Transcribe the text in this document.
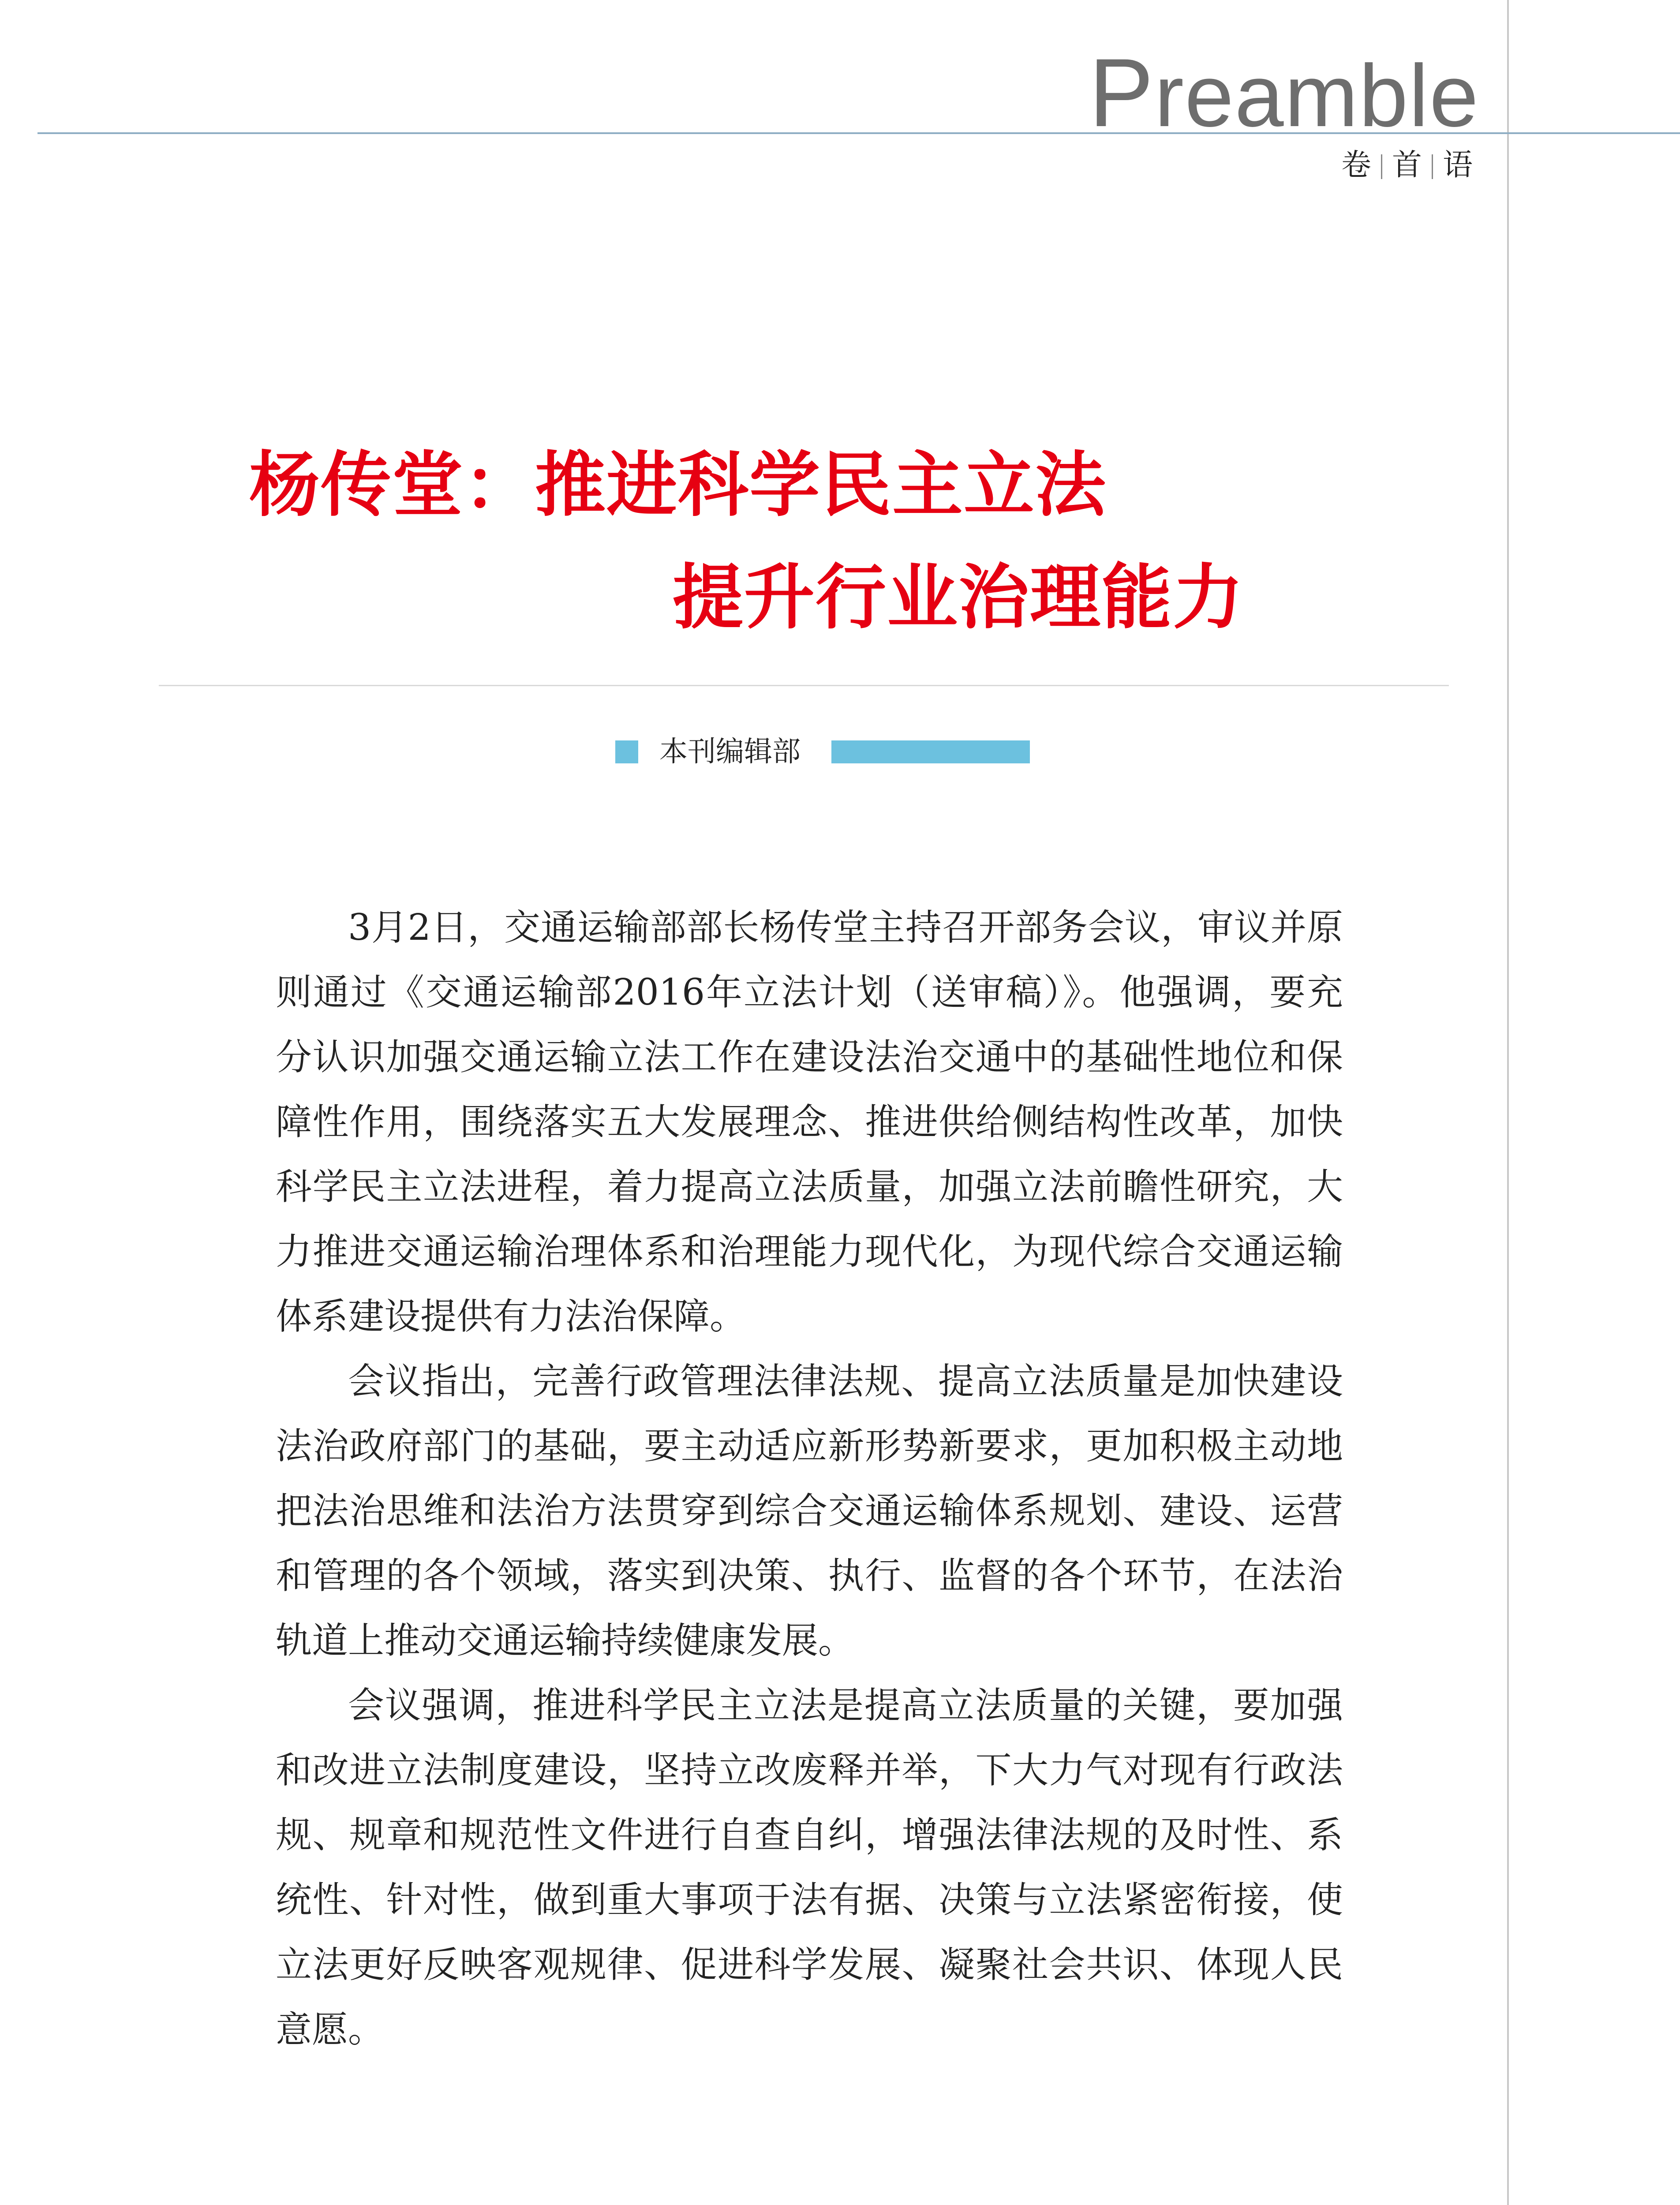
Preamble
卷 首 语
杨传堂：推进科学民主立法
提升行业治理能力
本刊编辑部

3月2日，交通运输部部长杨传堂主持召开部务会议，审议并原则通过《交通运输部2016年立法计划（送审稿）》。他强调，要充分认识加强交通运输立法工作在建设法治交通中的基础性地位和保障性作用，围绕落实五大发展理念、推进供给侧结构性改革，加快科学民主立法进程，着力提高立法质量，加强立法前瞻性研究，大力推进交通运输治理体系和治理能力现代化，为现代综合交通运输体系建设提供有力法治保障。

会议指出，完善行政管理法律法规、提高立法质量是加快建设法治政府部门的基础，要主动适应新形势新要求，更加积极主动地把法治思维和法治方法贯穿到综合交通运输体系规划、建设、运营和管理的各个领域，落实到决策、执行、监督的各个环节，在法治轨道上推动交通运输持续健康发展。

会议强调，推进科学民主立法是提高立法质量的关键，要加强和改进立法制度建设，坚持立改废释并举，下大力气对现有行政法规、规章和规范性文件进行自查自纠，增强法律法规的及时性、系统性、针对性，做到重大事项于法有据、决策与立法紧密衔接，使立法更好反映客观规律、促进科学发展、凝聚社会共识、体现人民意愿。
